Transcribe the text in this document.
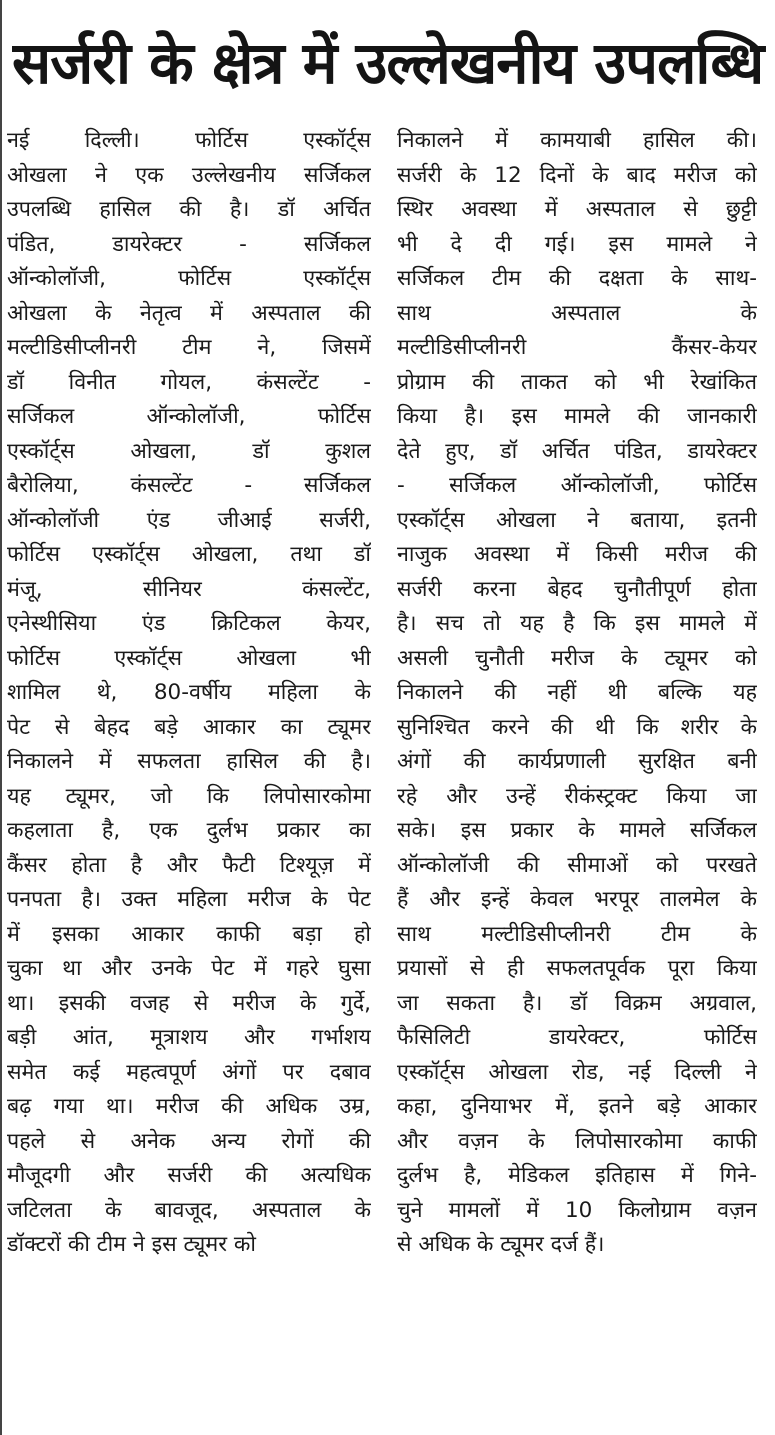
सर्जरी के क्षेत्र में उल्लेखनीय उपलब्धि
नई दिल्ली। फोर्टिस एस्कॉर्ट्स
ओखला ने एक उल्लेखनीय सर्जिकल
उपलब्धि हासिल की है। डॉ अर्चित
पंडित, डायरेक्टर - सर्जिकल
ऑन्कोलॉजी, फोर्टिस एस्कॉर्ट्स
ओखला के नेतृत्व में अस्पताल की
मल्टीडिसीप्लीनरी टीम ने, जिसमें
डॉ विनीत गोयल, कंसल्टेंट -
सर्जिकल ऑन्कोलॉजी, फोर्टिस
एस्कॉर्ट्स ओखला, डॉ कुशल
बैरोलिया, कंसल्टेंट - सर्जिकल
ऑन्कोलॉजी एंड जीआई सर्जरी,
फोर्टिस एस्कॉर्ट्स ओखला, तथा डॉ
मंजू, सीनियर कंसल्टेंट,
एनेस्थीसिया एंड क्रिटिकल केयर,
फोर्टिस एस्कॉर्ट्स ओखला भी
शामिल थे, 80-वर्षीय महिला के
पेट से बेहद बड़े आकार का ट्यूमर
निकालने में सफलता हासिल की है।
यह ट्यूमर, जो कि लिपोसारकोमा
कहलाता है, एक दुर्लभ प्रकार का
कैंसर होता है और फैटी टिश्यूज़ में
पनपता है। उक्त महिला मरीज के पेट
में इसका आकार काफी बड़ा हो
चुका था और उनके पेट में गहरे घुसा
था। इसकी वजह से मरीज के गुर्दे,
बड़ी आंत, मूत्राशय और गर्भाशय
समेत कई महत्वपूर्ण अंगों पर दबाव
बढ़ गया था। मरीज की अधिक उम्र,
पहले से अनेक अन्य रोगों की
मौजूदगी और सर्जरी की अत्यधिक
जटिलता के बावजूद, अस्पताल के
डॉक्टरों की टीम ने इस ट्यूमर को
निकालने में कामयाबी हासिल की।
सर्जरी के 12 दिनों के बाद मरीज को
स्थिर अवस्था में अस्पताल से छुट्टी
भी दे दी गई। इस मामले ने
सर्जिकल टीम की दक्षता के साथ-
साथ अस्पताल के
मल्टीडिसीप्लीनरी कैंसर-केयर
प्रोग्राम की ताकत को भी रेखांकित
किया है। इस मामले की जानकारी
देते हुए, डॉ अर्चित पंडित, डायरेक्टर
- सर्जिकल ऑन्कोलॉजी, फोर्टिस
एस्कॉर्ट्स ओखला ने बताया, इतनी
नाजुक अवस्था में किसी मरीज की
सर्जरी करना बेहद चुनौतीपूर्ण होता
है। सच तो यह है कि इस मामले में
असली चुनौती मरीज के ट्यूमर को
निकालने की नहीं थी बल्कि यह
सुनिश्चित करने की थी कि शरीर के
अंगों की कार्यप्रणाली सुरक्षित बनी
रहे और उन्हें रीकंस्ट्रक्ट किया जा
सके। इस प्रकार के मामले सर्जिकल
ऑन्कोलॉजी की सीमाओं को परखते
हैं और इन्हें केवल भरपूर तालमेल के
साथ मल्टीडिसीप्लीनरी टीम के
प्रयासों से ही सफलतपूर्वक पूरा किया
जा सकता है। डॉ विक्रम अग्रवाल,
फैसिलिटी डायरेक्टर, फोर्टिस
एस्कॉर्ट्स ओखला रोड, नई दिल्ली ने
कहा, दुनियाभर में, इतने बड़े आकार
और वज़न के लिपोसारकोमा काफी
दुर्लभ है, मेडिकल इतिहास में गिने-
चुने मामलों में 10 किलोग्राम वज़न
से अधिक के ट्यूमर दर्ज हैं।
